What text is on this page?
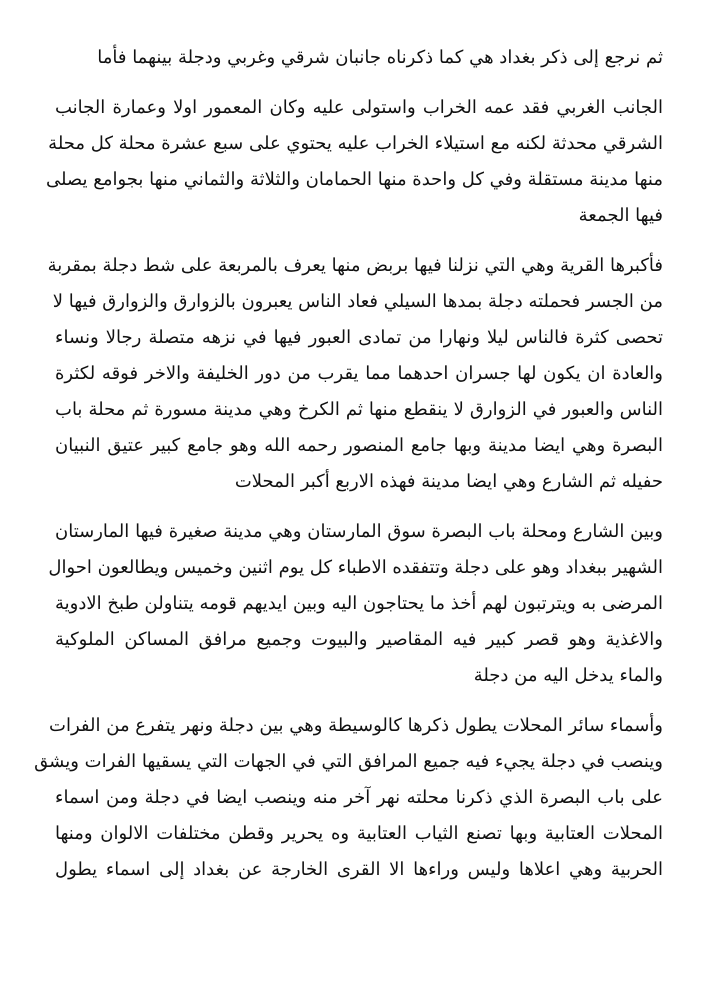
ثم نرجع إلى ذكر بغداد هي كما ذكرناه جانبان شرقي وغربي ودجلة بينهما فأما
الجانب الغربي فقد عمه الخراب واستولى عليه وكان المعمور اولا وعمارة الجانب
الشرقي محدثة لكنه مع استيلاء الخراب عليه يحتوي على سبع عشرة محلة كل محلة
منها مدينة مستقلة وفي كل واحدة منها الحمامان والثلاثة والثماني منها بجوامع يصلى
فيها الجمعة
فأكبرها القرية وهي التي نزلنا فيها بربض منها يعرف بالمربعة على شط دجلة بمقربة
من الجسر فحملته دجلة بمدها السيلي فعاد الناس يعبرون بالزوارق والزوارق فيها لا
تحصى كثرة فالناس ليلا ونهارا من تمادى العبور فيها في نزهه متصلة رجالا ونساء
والعادة ان يكون لها جسران احدهما مما يقرب من دور الخليفة والاخر فوقه لكثرة
الناس والعبور في الزوارق لا ينقطع منها ثم الكرخ وهي مدينة مسورة ثم محلة باب
البصرة وهي ايضا مدينة وبها جامع المنصور رحمه الله وهو جامع كبير عتيق النبيان
حفيله ثم الشارع وهي ايضا مدينة فهذه الاربع أكبر المحلات
وبين الشارع ومحلة باب البصرة سوق المارستان وهي مدينة صغيرة فيها المارستان
الشهير ببغداد وهو على دجلة وتتفقده الاطباء كل يوم اثنين وخميس ويطالعون احوال
المرضى به ويترتبون لهم أخذ ما يحتاجون اليه وبين ايديهم قومه يتناولن طبخ الادوية
والاغذية وهو قصر كبير فيه المقاصير والبيوت وجميع مرافق المساكن الملوكية
والماء يدخل اليه من دجلة
وأسماء سائر المحلات يطول ذكرها كالوسيطة وهي بين دجلة ونهر يتفرع من الفرات
وينصب في دجلة يجيء فيه جميع المرافق التي في الجهات التي يسقيها الفرات ويشق
على باب البصرة الذي ذكرنا محلته نهر آخر منه وينصب ايضا في دجلة ومن اسماء
المحلات العتابية وبها تصنع الثياب العتابية وه يحرير وقطن مختلفات الالوان ومنها
الحربية وهي اعلاها وليس وراءها الا القرى الخارجة عن بغداد إلى اسماء يطول
